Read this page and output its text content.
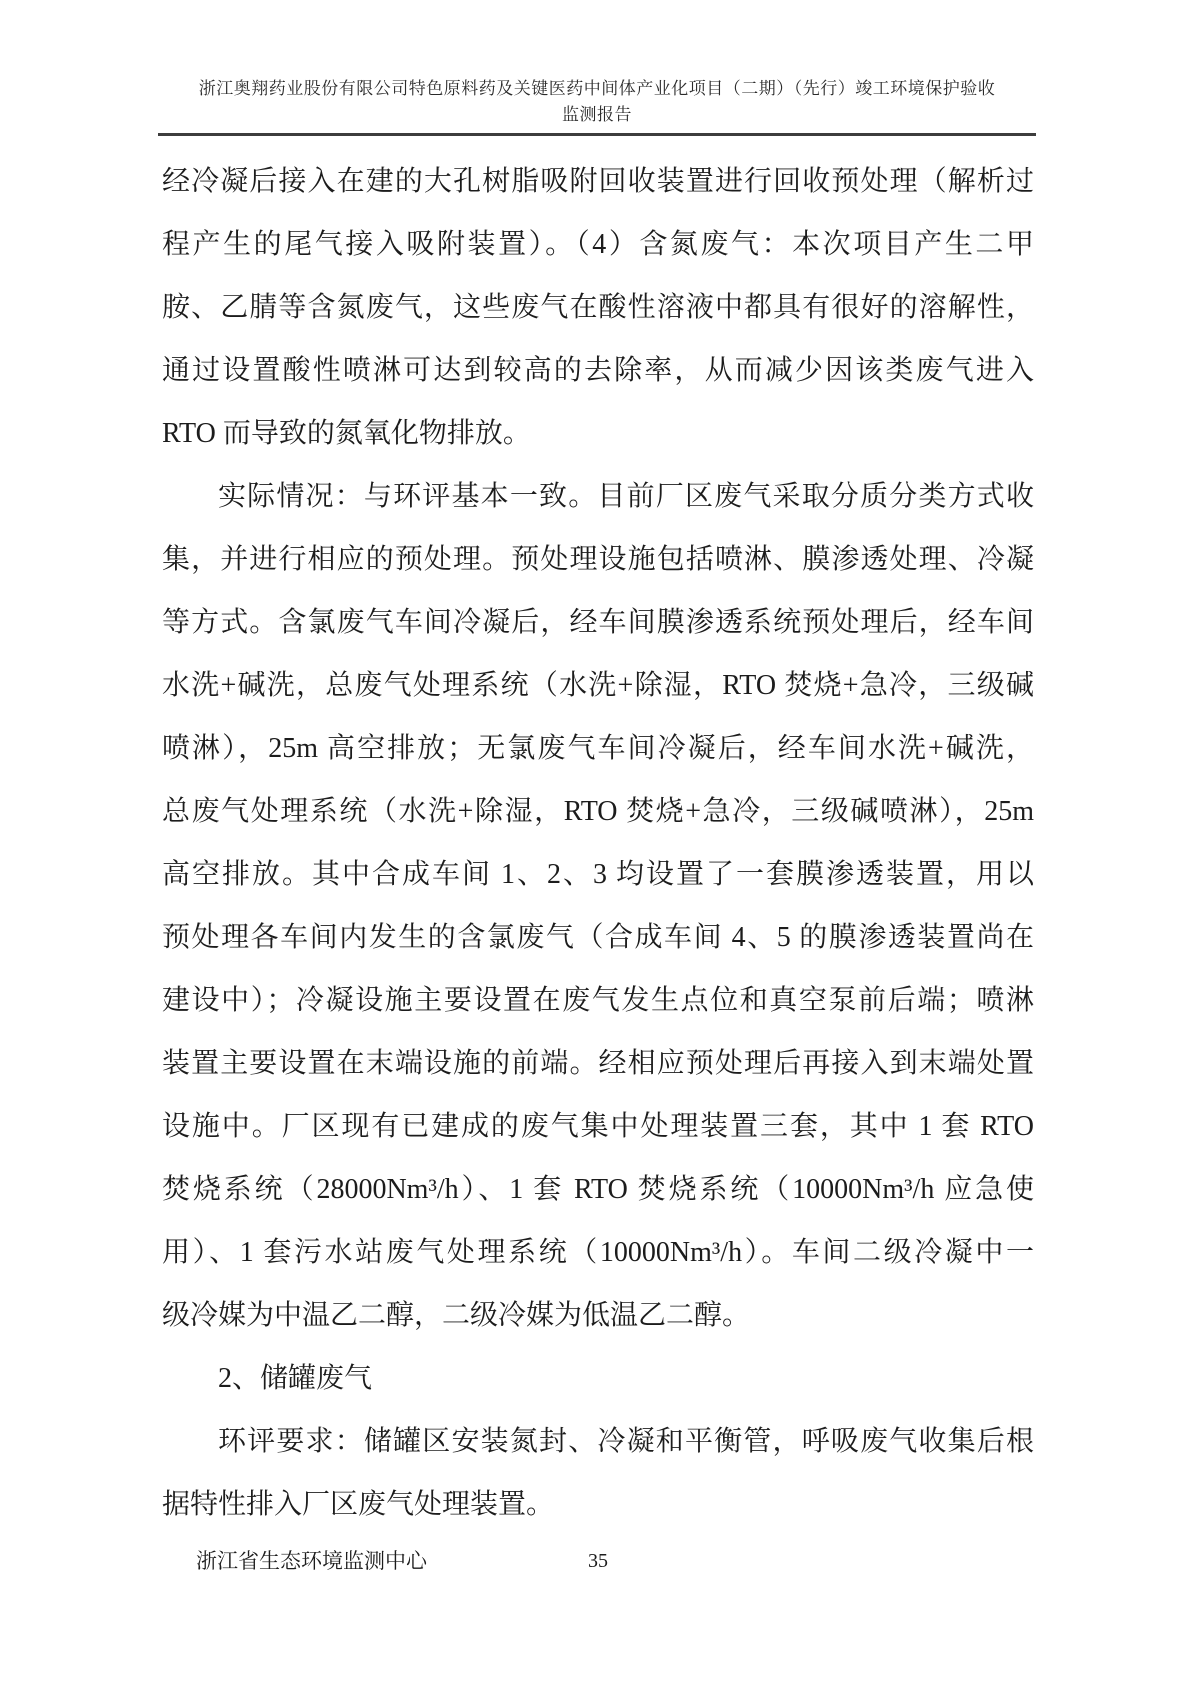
浙江奥翔药业股份有限公司特色原料药及关键医药中间体产业化项目（二期）（先行）竣工环境保护验收
监测报告
经冷凝后接入在建的大孔树脂吸附回收装置进行回收预处理（解析过
程产生的尾气接入吸附装置）。（4）含氮废气：本次项目产生二甲
胺、乙腈等含氮废气，这些废气在酸性溶液中都具有很好的溶解性，
通过设置酸性喷淋可达到较高的去除率，从而减少因该类废气进入
RTO 而导致的氮氧化物排放。
实际情况：与环评基本一致。目前厂区废气采取分质分类方式收
集，并进行相应的预处理。预处理设施包括喷淋、膜渗透处理、冷凝
等方式。含氯废气车间冷凝后，经车间膜渗透系统预处理后，经车间
水洗+碱洗，总废气处理系统（水洗+除湿，RTO 焚烧+急冷，三级碱
喷淋），25m 高空排放；无氯废气车间冷凝后，经车间水洗+碱洗，
总废气处理系统（水洗+除湿，RTO 焚烧+急冷，三级碱喷淋），25m
高空排放。其中合成车间 1、2、3 均设置了一套膜渗透装置，用以
预处理各车间内发生的含氯废气（合成车间 4、5 的膜渗透装置尚在
建设中）；冷凝设施主要设置在废气发生点位和真空泵前后端；喷淋
装置主要设置在末端设施的前端。经相应预处理后再接入到末端处置
设施中。厂区现有已建成的废气集中处理装置三套，其中 1 套 RTO
焚烧系统（28000Nm³/h）、1 套 RTO 焚烧系统（10000Nm³/h 应急使
用）、1 套污水站废气处理系统（10000Nm³/h）。车间二级冷凝中一
级冷媒为中温乙二醇，二级冷媒为低温乙二醇。
2、储罐废气
环评要求：储罐区安装氮封、冷凝和平衡管，呼吸废气收集后根
据特性排入厂区废气处理装置。
浙江省生态环境监测中心	35
